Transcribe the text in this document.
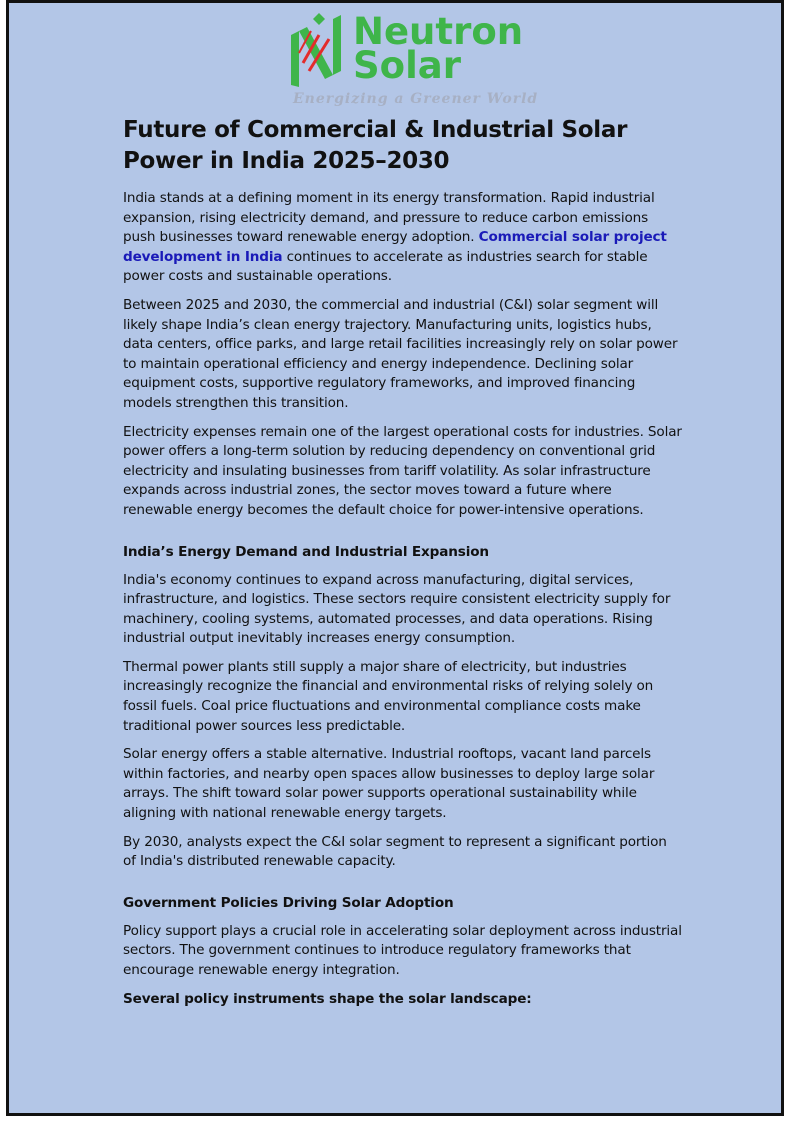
Neutron
Solar
Energizing a Greener World
Future of Commercial & Industrial Solar Power in India 2025–2030

India stands at a defining moment in its energy transformation. Rapid industrial expansion, rising electricity demand, and pressure to reduce carbon emissions push businesses toward renewable energy adoption. Commercial solar project development in India continues to accelerate as industries search for stable power costs and sustainable operations.

Between 2025 and 2030, the commercial and industrial (C&I) solar segment will likely shape India’s clean energy trajectory. Manufacturing units, logistics hubs, data centers, office parks, and large retail facilities increasingly rely on solar power to maintain operational efficiency and energy independence. Declining solar equipment costs, supportive regulatory frameworks, and improved financing models strengthen this transition.

Electricity expenses remain one of the largest operational costs for industries. Solar power offers a long-term solution by reducing dependency on conventional grid electricity and insulating businesses from tariff volatility. As solar infrastructure expands across industrial zones, the sector moves toward a future where renewable energy becomes the default choice for power-intensive operations.

India’s Energy Demand and Industrial Expansion

India's economy continues to expand across manufacturing, digital services, infrastructure, and logistics. These sectors require consistent electricity supply for machinery, cooling systems, automated processes, and data operations. Rising industrial output inevitably increases energy consumption.

Thermal power plants still supply a major share of electricity, but industries increasingly recognize the financial and environmental risks of relying solely on fossil fuels. Coal price fluctuations and environmental compliance costs make traditional power sources less predictable.

Solar energy offers a stable alternative. Industrial rooftops, vacant land parcels within factories, and nearby open spaces allow businesses to deploy large solar arrays. The shift toward solar power supports operational sustainability while aligning with national renewable energy targets.

By 2030, analysts expect the C&I solar segment to represent a significant portion of India's distributed renewable capacity.

Government Policies Driving Solar Adoption

Policy support plays a crucial role in accelerating solar deployment across industrial sectors. The government continues to introduce regulatory frameworks that encourage renewable energy integration.

Several policy instruments shape the solar landscape:
